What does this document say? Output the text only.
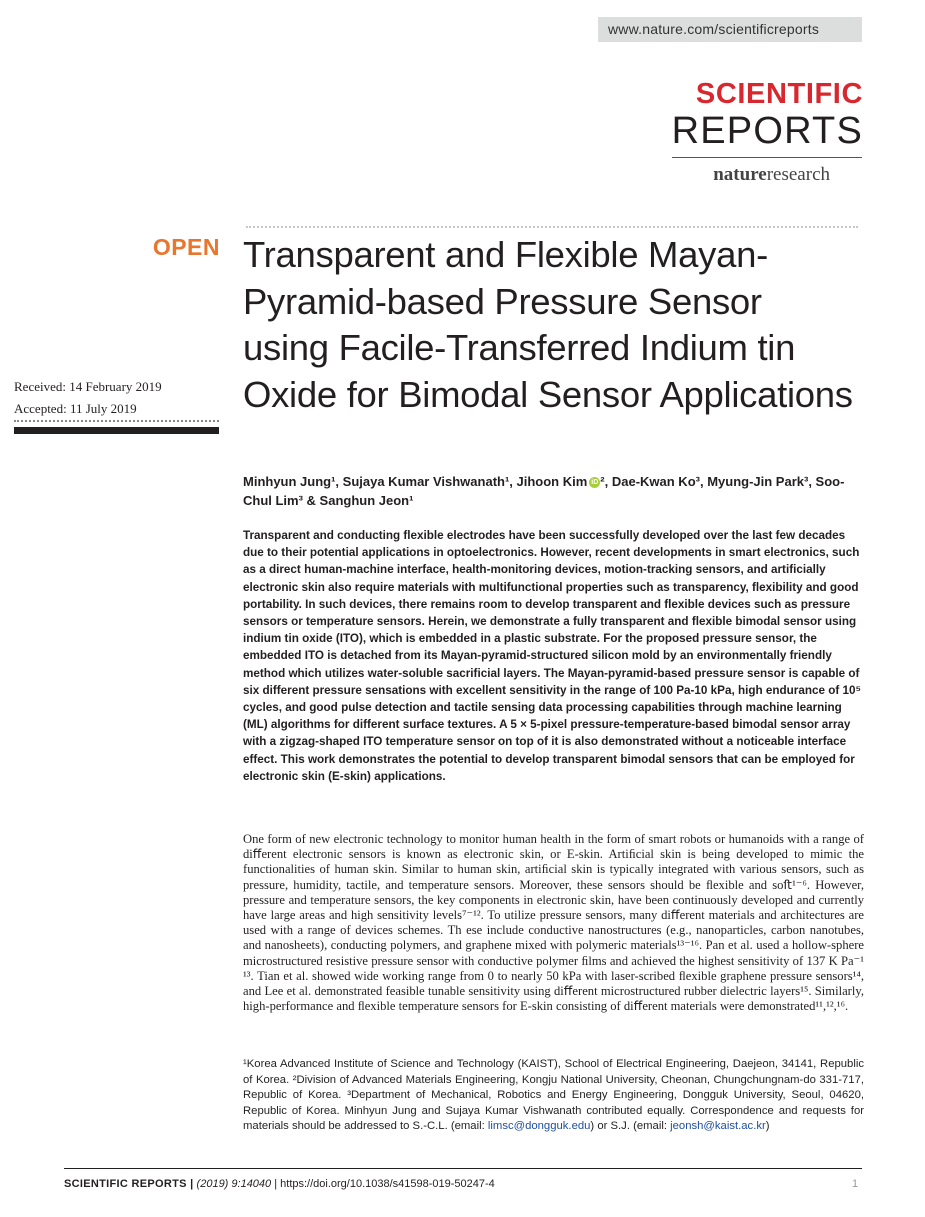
www.nature.com/scientificreports
SCIENTIFIC
REPORTS
natureresearch
OPEN
Received: 14 February 2019
Accepted: 11 July 2019
Transparent and Flexible Mayan-Pyramid-based Pressure Sensor using Facile-Transferred Indium tin Oxide for Bimodal Sensor Applications
Minhyun Jung¹, Sujaya Kumar Vishwanath¹, Jihoon Kim iD ², Dae-Kwan Ko³, Myung-Jin Park³, Soo-Chul Lim³ & Sanghun Jeon¹
Transparent and conducting flexible electrodes have been successfully developed over the last few decades due to their potential applications in optoelectronics. However, recent developments in smart electronics, such as a direct human-machine interface, health-monitoring devices, motion-tracking sensors, and artificially electronic skin also require materials with multifunctional properties such as transparency, flexibility and good portability. In such devices, there remains room to develop transparent and flexible devices such as pressure sensors or temperature sensors. Herein, we demonstrate a fully transparent and flexible bimodal sensor using indium tin oxide (ITO), which is embedded in a plastic substrate. For the proposed pressure sensor, the embedded ITO is detached from its Mayan-pyramid-structured silicon mold by an environmentally friendly method which utilizes water-soluble sacrificial layers. The Mayan-pyramid-based pressure sensor is capable of six different pressure sensations with excellent sensitivity in the range of 100 Pa-10 kPa, high endurance of 10⁵ cycles, and good pulse detection and tactile sensing data processing capabilities through machine learning (ML) algorithms for different surface textures. A 5 × 5-pixel pressure-temperature-based bimodal sensor array with a zigzag-shaped ITO temperature sensor on top of it is also demonstrated without a noticeable interface effect. This work demonstrates the potential to develop transparent bimodal sensors that can be employed for electronic skin (E-skin) applications.
One form of new electronic technology to monitor human health in the form of smart robots or humanoids with a range of diﬀerent electronic sensors is known as electronic skin, or E-skin. Artiﬁcial skin is being developed to mimic the functionalities of human skin. Similar to human skin, artiﬁcial skin is typically integrated with various sensors, such as pressure, humidity, tactile, and temperature sensors. Moreover, these sensors should be ﬂexible and soﬅ¹⁻⁶. However, pressure and temperature sensors, the key components in electronic skin, have been continuously developed and currently have large areas and high sensitivity levels⁷⁻¹². To utilize pressure sensors, many diﬀerent materials and architectures are used with a range of devices schemes. Th ese include conductive nanostructures (e.g., nanoparticles, carbon nanotubes, and nanosheets), conducting polymers, and graphene mixed with polymeric materials¹³⁻¹⁶. Pan et al. used a hollow-sphere microstructured resistive pressure sensor with conductive polymer ﬁlms and achieved the highest sensitivity of 137 K Pa⁻¹ ¹³. Tian et al. showed wide working range from 0 to nearly 50 kPa with laser-scribed ﬂexible graphene pressure sensors¹⁴, and Lee et al. demonstrated feasible tunable sensitivity using diﬀerent microstructured rubber dielectric layers¹⁵. Similarly, high-performance and ﬂexible temperature sensors for E-skin consisting of diﬀerent materials were demonstrated¹¹,¹²,¹⁶.
¹Korea Advanced Institute of Science and Technology (KAIST), School of Electrical Engineering, Daejeon, 34141, Republic of Korea. ²Division of Advanced Materials Engineering, Kongju National University, Cheonan, Chungchungnam-do 331-717, Republic of Korea. ³Department of Mechanical, Robotics and Energy Engineering, Dongguk University, Seoul, 04620, Republic of Korea. Minhyun Jung and Sujaya Kumar Vishwanath contributed equally. Correspondence and requests for materials should be addressed to S.-C.L. (email: limsc@dongguk.edu) or S.J. (email: jeonsh@kaist.ac.kr)
SCIENTIFIC REPORTS | (2019) 9:14040 | https://doi.org/10.1038/s41598-019-50247-4	1
